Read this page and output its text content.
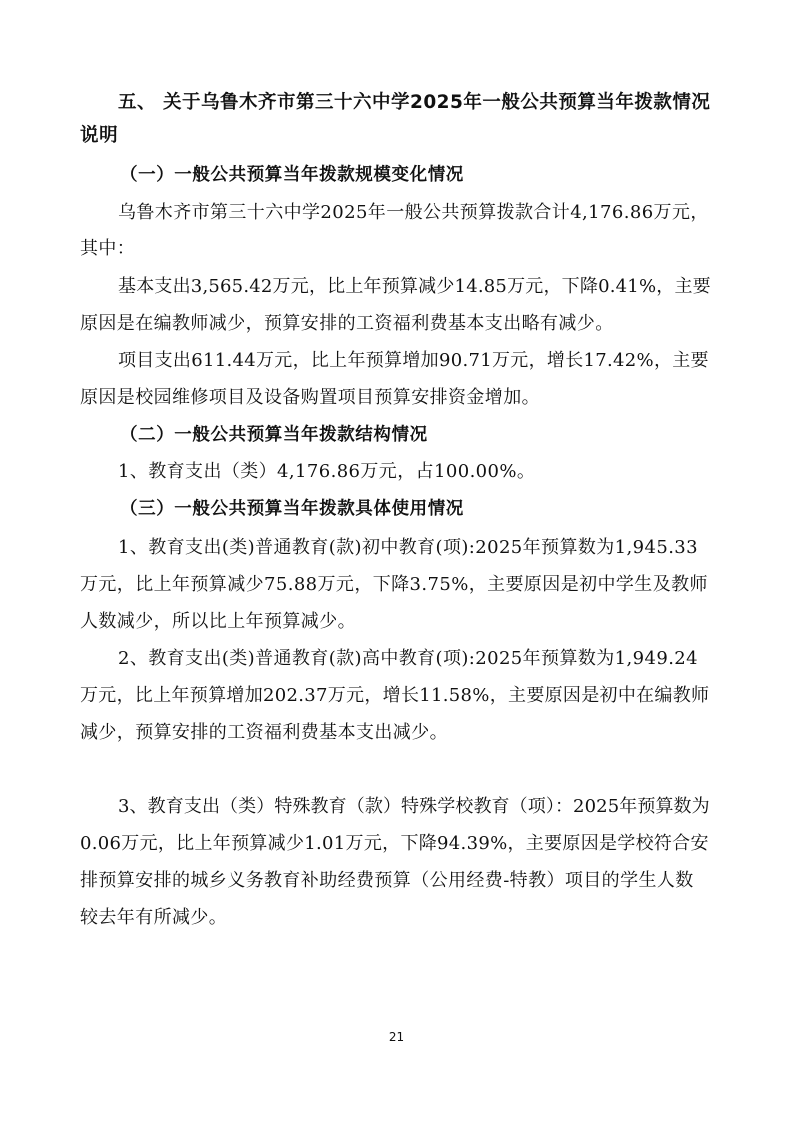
五、 关于乌鲁木齐市第三十六中学2025年一般公共预算当年拨款情况
说明
（一）一般公共预算当年拨款规模变化情况
乌鲁木齐市第三十六中学2025年一般公共预算拨款合计4,176.86万元，
其中：
基本支出3,565.42万元，比上年预算减少14.85万元，下降0.41%，主要
原因是在编教师减少，预算安排的工资福利费基本支出略有减少。
项目支出611.44万元，比上年预算增加90.71万元，增长17.42%，主要
原因是校园维修项目及设备购置项目预算安排资金增加。
（二）一般公共预算当年拨款结构情况
1、教育支出（类）4,176.86万元，占100.00%。
（三）一般公共预算当年拨款具体使用情况
1、教育支出(类)普通教育(款)初中教育(项):2025年预算数为1,945.33
万元，比上年预算减少75.88万元，下降3.75%，主要原因是初中学生及教师
人数减少，所以比上年预算减少。
2、教育支出(类)普通教育(款)高中教育(项):2025年预算数为1,949.24
万元，比上年预算增加202.37万元，增长11.58%，主要原因是初中在编教师
减少，预算安排的工资福利费基本支出减少。
3、教育支出（类）特殊教育（款）特殊学校教育（项）：2025年预算数为
0.06万元，比上年预算减少1.01万元，下降94.39%，主要原因是学校符合安
排预算安排的城乡义务教育补助经费预算（公用经费-特教）项目的学生人数
较去年有所减少。
21
